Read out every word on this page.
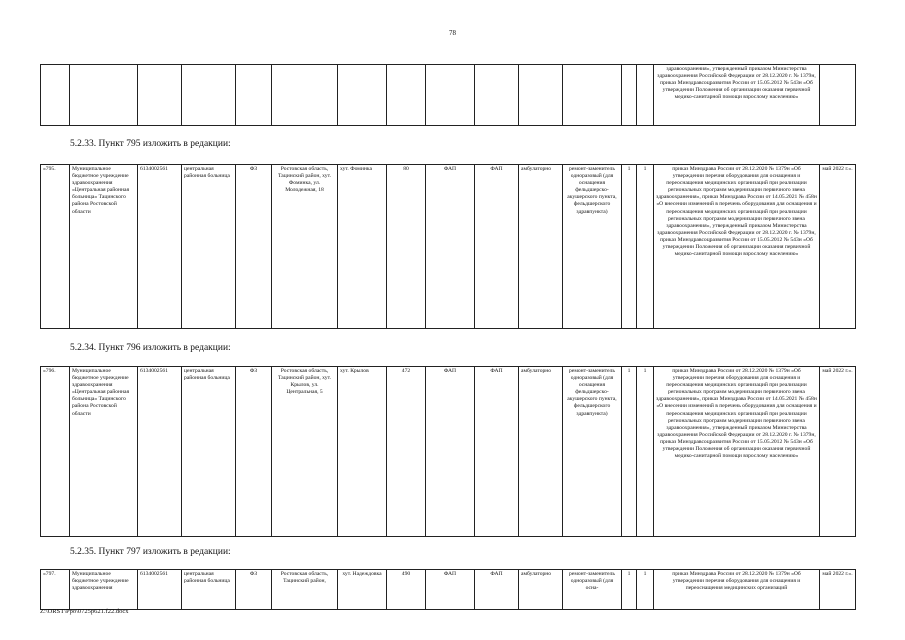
78
														здравоохранения», утвержденный приказом Министерства здравоохранения Российской Федерации от 28.12.2020 г. № 1379н, приказ Минздравсоцразвития России от 15.05.2012 № 543н «Об утверждении Положения об организации оказания первичной медико-санитарной помощи взрослому населению»	
5.2.33. Пункт 795 изложить в редакции:
«795.	Муниципальное бюджетное учреждение здравоохранения «Центральная районная больница» Тацинского района Ростовской области	6134002561	центральная районная больница	ФЗ	Ростовская область, Тацинский район, хут. Фоминка, ул. Молодежная, 18	хут. Фоминка	80	ФАП	ФАП	амбулаторно	ремонт-заменитель одноразовый (для оснащения фельдшерско-акушерского пункта, фельдшерского здравпункта)	1	1	приказ Минздрава России от 28.12.2020 № 1379н «Об утверждении перечня оборудования для оснащения и переоснащения медицинских организаций при реализации региональных программ модернизации первичного звена здравоохранения», приказ Минздрава России от 14.05.2021 № 458н «О внесении изменений в перечень оборудования для оснащения и переоснащения медицинских организаций при реализации региональных программ модернизации первичного звена здравоохранения», утвержденный приказом Министерства здравоохранения Российской Федерации от 28.12.2020 г. № 1379н, приказ Минздравсоцразвития России от 15.05.2012 № 543н «Об утверждении Положения об организации оказания первичной медико-санитарной помощи взрослому населению»	май 2022 г.».
5.2.34. Пункт 796 изложить в редакции:
«796.	Муниципальное бюджетное учреждение здравоохранения «Центральная районная больница» Тацинского района Ростовской области	6134002561	центральная районная больница	ФЗ	Ростовская область, Тацинский район, хут. Крылов, ул. Центральная, 5	хут. Крылов	472	ФАП	ФАП	амбулаторно	ремонт-заменитель одноразовый (для оснащения фельдшерско-акушерского пункта, фельдшерского здравпункта)	1	1	приказ Минздрава России от 28.12.2020 № 1379н «Об утверждении перечня оборудования для оснащения и переоснащения медицинских организаций при реализации региональных программ модернизации первичного звена здравоохранения», приказ Минздрава России от 14.05.2021 № 458н «О внесении изменений в перечень оборудования для оснащения и переоснащения медицинских организаций при реализации региональных программ модернизации первичного звена здравоохранения», утвержденный приказом Министерства здравоохранения Российской Федерации от 28.12.2020 г. № 1379н, приказ Минздравсоцразвития России от 15.05.2012 № 543н «Об утверждении Положения об организации оказания первичной медико-санитарной помощи взрослому населению»	май 2022 г.».
5.2.35. Пункт 797 изложить в редакции:
«797.	Муниципальное бюджетное учреждение здравоохранения	6134002561	центральная районная больница	ФЗ	Ростовская область, Тацинский район,	хут. Надеждовка	490	ФАП	ФАП	амбулаторно	ремонт-заменитель одноразовый (для осна-	1	1	приказ Минздрава России от 28.12.2020 № 1379н «Об утверждении перечня оборудования для оснащения и переоснащения медицинских организаций	май 2022 г.».
Z:\ORST\Ppo\0725p621.f22.docx
